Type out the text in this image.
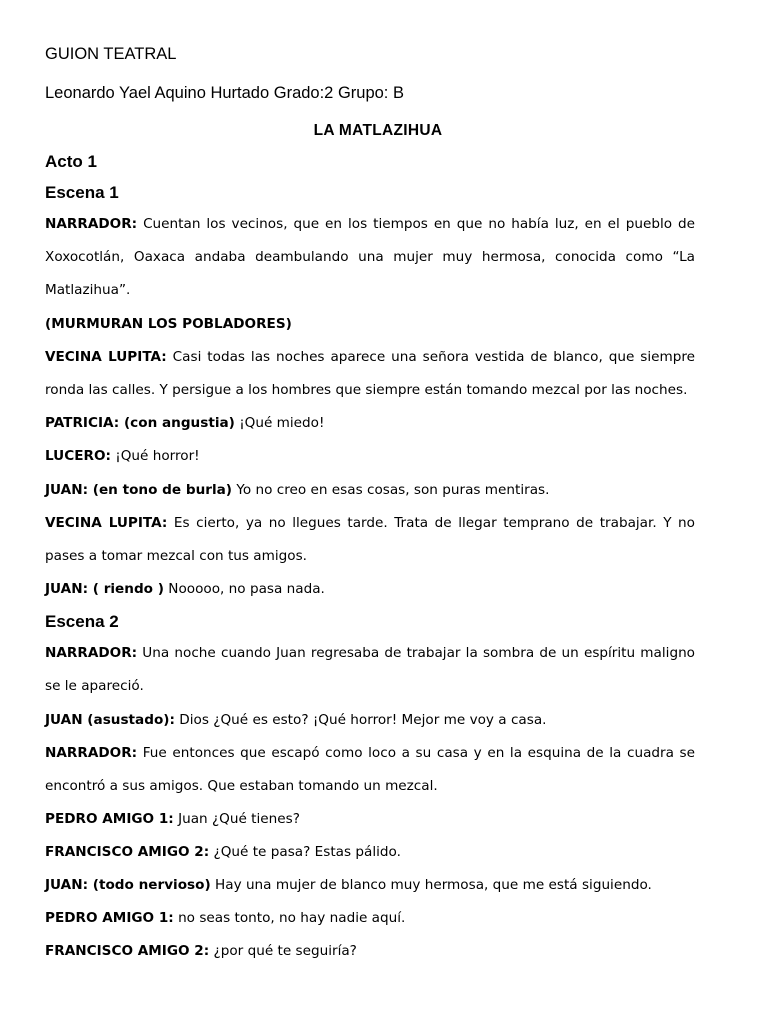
GUION TEATRAL
Leonardo Yael Aquino Hurtado Grado:2 Grupo: B
LA MATLAZIHUA
Acto 1
Escena 1
NARRADOR: Cuentan los vecinos, que en los tiempos en que no había luz, en el pueblo de Xoxocotlán, Oaxaca andaba deambulando una mujer muy hermosa, conocida como “La Matlazihua”.
(MURMURAN LOS POBLADORES)
VECINA LUPITA: Casi todas las noches aparece una señora vestida de blanco, que siempre ronda las calles. Y persigue a los hombres que siempre están tomando mezcal por las noches.
PATRICIA: (con angustia) ¡Qué miedo!
LUCERO: ¡Qué horror!
JUAN: (en tono de burla) Yo no creo en esas cosas, son puras mentiras.
VECINA LUPITA: Es cierto, ya no llegues tarde. Trata de llegar temprano de trabajar. Y no pases a tomar mezcal con tus amigos.
JUAN: ( riendo ) Nooooo, no pasa nada.
Escena 2
NARRADOR: Una noche cuando Juan regresaba de trabajar la sombra de un espíritu maligno se le apareció.
JUAN (asustado): Dios ¿Qué es esto? ¡Qué horror! Mejor me voy a casa.
NARRADOR: Fue entonces que escapó como loco a su casa y en la esquina de la cuadra se encontró a sus amigos. Que estaban tomando un mezcal.
PEDRO AMIGO 1: Juan ¿Qué tienes?
FRANCISCO AMIGO 2: ¿Qué te pasa? Estas pálido.
JUAN: (todo nervioso) Hay una mujer de blanco muy hermosa, que me está siguiendo.
PEDRO AMIGO 1: no seas tonto, no hay nadie aquí.
FRANCISCO AMIGO 2: ¿por qué te seguiría?
